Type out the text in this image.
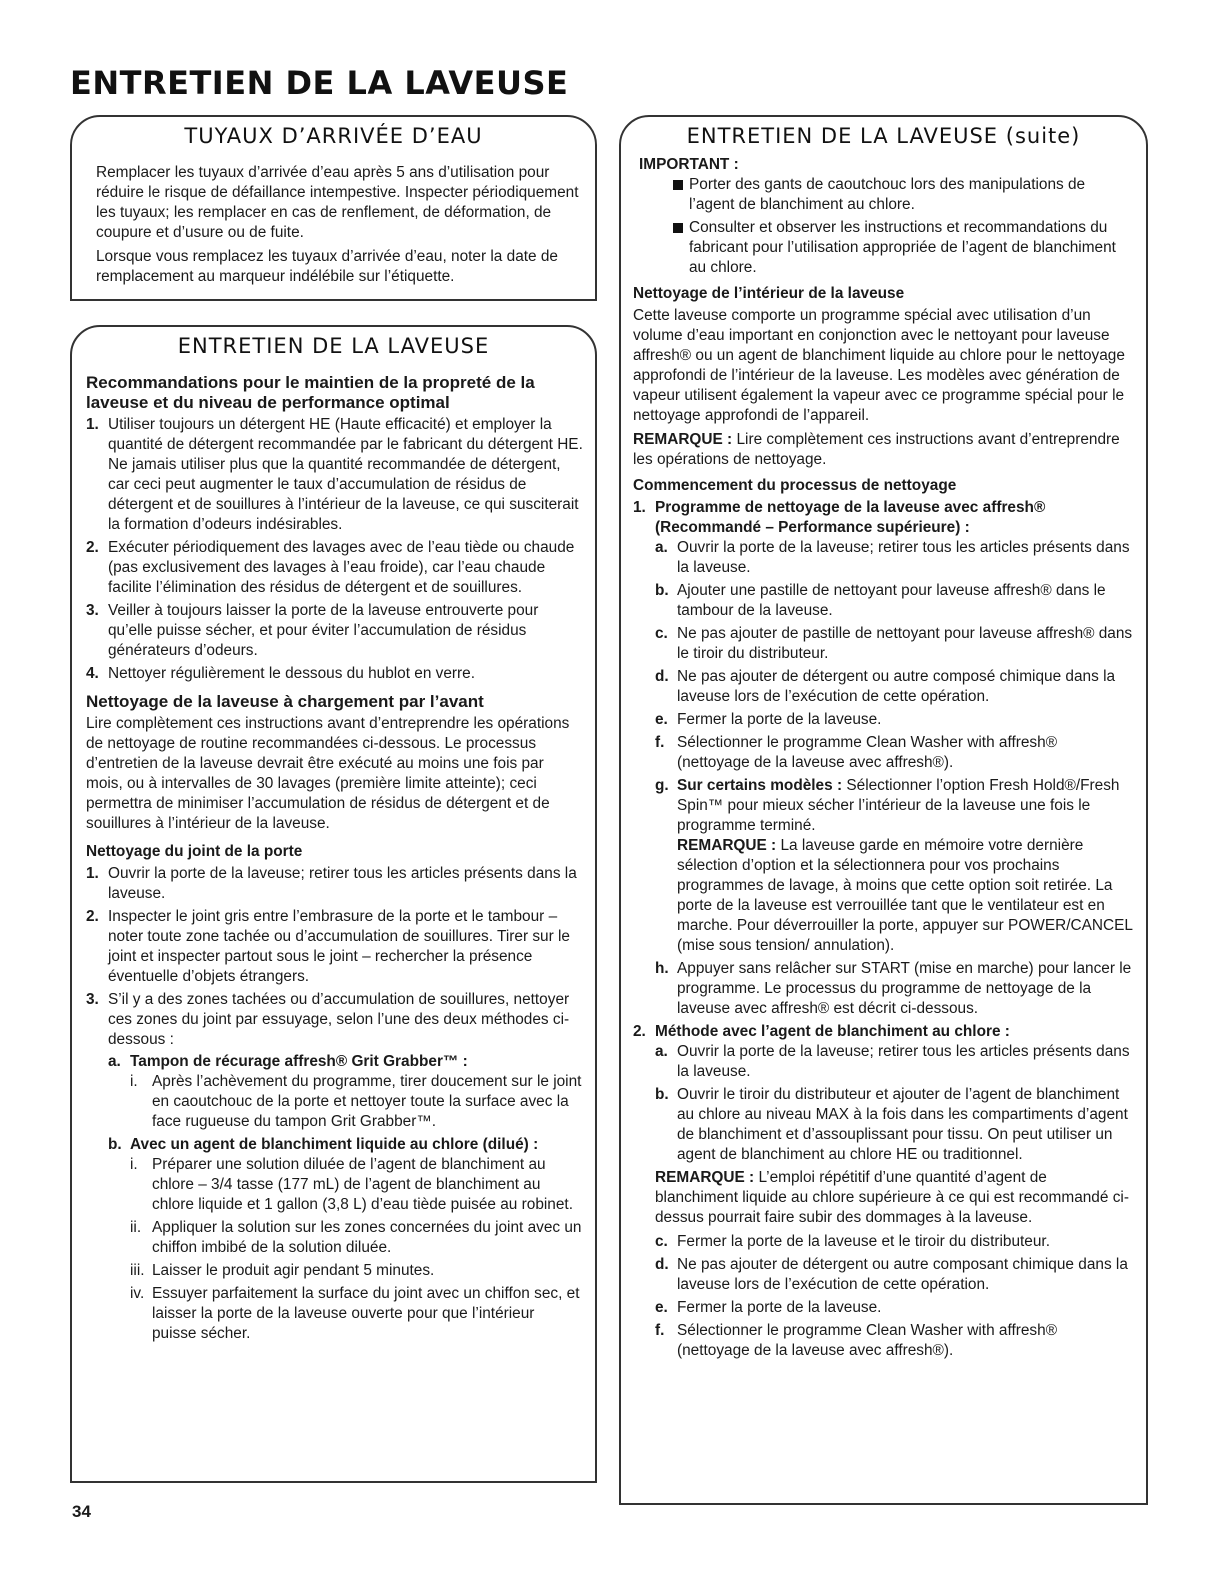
ENTRETIEN DE LA LAVEUSE
TUYAUX D’ARRIVÉE D’EAU

Remplacer les tuyaux d’arrivée d’eau après 5 ans d’utilisation pour réduire le risque de défaillance intempestive. Inspecter périodiquement les tuyaux; les remplacer en cas de renflement, de déformation, de coupure et d’usure ou de fuite.

Lorsque vous remplacez les tuyaux d’arrivée d’eau, noter la date de remplacement au marqueur indélébile sur l’étiquette.

ENTRETIEN DE LA LAVEUSE
Recommandations pour le maintien de la propreté de la laveuse et du niveau de performance optimal
1. Utiliser toujours un détergent HE (Haute efficacité) et employer la quantité de détergent recommandée par le fabricant du détergent HE. Ne jamais utiliser plus que la quantité recommandée de détergent, car ceci peut augmenter le taux d’accumulation de résidus de détergent et de souillures à l’intérieur de la laveuse, ce qui susciterait la formation d’odeurs indésirables.
2. Exécuter périodiquement des lavages avec de l’eau tiède ou chaude (pas exclusivement des lavages à l’eau froide), car l’eau chaude facilite l’élimination des résidus de détergent et de souillures.
3. Veiller à toujours laisser la porte de la laveuse entrouverte pour qu’elle puisse sécher, et pour éviter l’accumulation de résidus générateurs d’odeurs.
4. Nettoyer régulièrement le dessous du hublot en verre.
Nettoyage de la laveuse à chargement par l’avant

Lire complètement ces instructions avant d’entreprendre les opérations de nettoyage de routine recommandées ci-dessous. Le processus d’entretien de la laveuse devrait être exécuté au moins une fois par mois, ou à intervalles de 30 lavages (première limite atteinte); ceci permettra de minimiser l’accumulation de résidus de détergent et de souillures à l’intérieur de la laveuse.

Nettoyage du joint de la porte
1. Ouvrir la porte de la laveuse; retirer tous les articles présents dans la laveuse.
2. Inspecter le joint gris entre l’embrasure de la porte et le tambour – noter toute zone tachée ou d’accumulation de souillures. Tirer sur le joint et inspecter partout sous le joint – rechercher la présence éventuelle d’objets étrangers.
3. S’il y a des zones tachées ou d’accumulation de souillures, nettoyer ces zones du joint par essuyage, selon l’une des deux méthodes ci-dessous :
a. Tampon de récurage affresh® Grit Grabber™ :
i. Après l’achèvement du programme, tirer doucement sur le joint en caoutchouc de la porte et nettoyer toute la surface avec la face rugueuse du tampon Grit Grabber™.
b. Avec un agent de blanchiment liquide au chlore (dilué) :
i. Préparer une solution diluée de l’agent de blanchiment au chlore – 3/4 tasse (177 mL) de l’agent de blanchiment au chlore liquide et 1 gallon (3,8 L) d’eau tiède puisée au robinet.
ii. Appliquer la solution sur les zones concernées du joint avec un chiffon imbibé de la solution diluée.
iii. Laisser le produit agir pendant 5 minutes.
iv. Essuyer parfaitement la surface du joint avec un chiffon sec, et laisser la porte de la laveuse ouverte pour que l’intérieur puisse sécher.
ENTRETIEN DE LA LAVEUSE (suite)
IMPORTANT :
Porter des gants de caoutchouc lors des manipulations de l’agent de blanchiment au chlore.
Consulter et observer les instructions et recommandations du fabricant pour l’utilisation appropriée de l’agent de blanchiment au chlore.
Nettoyage de l’intérieur de la laveuse

Cette laveuse comporte un programme spécial avec utilisation d’un volume d’eau important en conjonction avec le nettoyant pour laveuse affresh® ou un agent de blanchiment liquide au chlore pour le nettoyage approfondi de l’intérieur de la laveuse. Les modèles avec génération de vapeur utilisent également la vapeur avec ce programme spécial pour le nettoyage approfondi de l’appareil.

REMARQUE : Lire complètement ces instructions avant d’entreprendre les opérations de nettoyage.

Commencement du processus de nettoyage
1. Programme de nettoyage de la laveuse avec affresh® (Recommandé – Performance supérieure) :
a. Ouvrir la porte de la laveuse; retirer tous les articles présents dans la laveuse.
b. Ajouter une pastille de nettoyant pour laveuse affresh® dans le tambour de la laveuse.
c. Ne pas ajouter de pastille de nettoyant pour laveuse affresh® dans le tiroir du distributeur.
d. Ne pas ajouter de détergent ou autre composé chimique dans la laveuse lors de l’exécution de cette opération.
e. Fermer la porte de la laveuse.
f. Sélectionner le programme Clean Washer with affresh® (nettoyage de la laveuse avec affresh®).
g. Sur certains modèles : Sélectionner l’option Fresh Hold®/Fresh Spin™ pour mieux sécher l’intérieur de la laveuse une fois le programme terminé.
REMARQUE : La laveuse garde en mémoire votre dernière sélection d’option et la sélectionnera pour vos prochains programmes de lavage, à moins que cette option soit retirée. La porte de la laveuse est verrouillée tant que le ventilateur est en marche. Pour déverrouiller la porte, appuyer sur POWER/CANCEL (mise sous tension/ annulation).
h. Appuyer sans relâcher sur START (mise en marche) pour lancer le programme. Le processus du programme de nettoyage de la laveuse avec affresh® est décrit ci-dessous.
2. Méthode avec l’agent de blanchiment au chlore :
a. Ouvrir la porte de la laveuse; retirer tous les articles présents dans la laveuse.
b. Ouvrir le tiroir du distributeur et ajouter de l’agent de blanchiment au chlore au niveau MAX à la fois dans les compartiments d’agent de blanchiment et d’assouplissant pour tissu. On peut utiliser un agent de blanchiment au chlore HE ou traditionnel.

REMARQUE : L’emploi répétitif d’une quantité d’agent de blanchiment liquide au chlore supérieure à ce qui est recommandé ci-dessus pourrait faire subir des dommages à la laveuse.

c. Fermer la porte de la laveuse et le tiroir du distributeur.
d. Ne pas ajouter de détergent ou autre composant chimique dans la laveuse lors de l’exécution de cette opération.
e. Fermer la porte de la laveuse.
f. Sélectionner le programme Clean Washer with affresh® (nettoyage de la laveuse avec affresh®).
34
